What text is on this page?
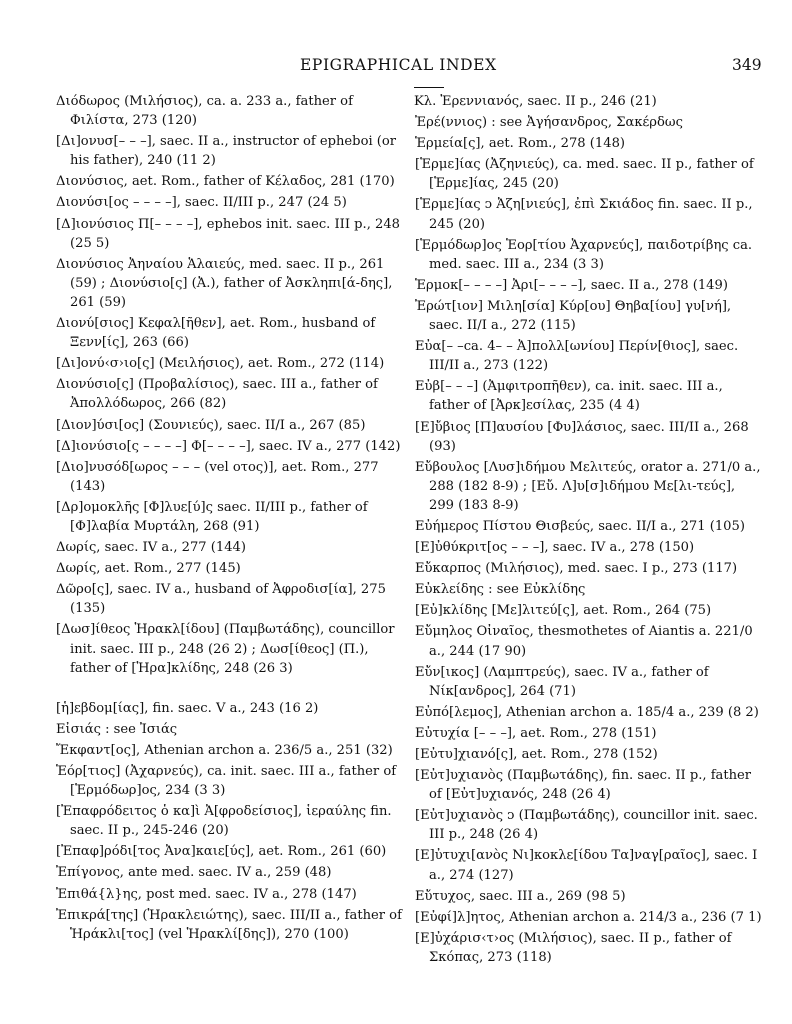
EPIGRAPHICAL INDEX	349

Διόδωρος (Μιλήσιος), ca. a. 233 a., father of Φιλίστα, 273 (120)

[Δι]ονυσ[– – –], saec. II a., instructor of epheboi (or his father), 240 (11 2)

Διονύσιος, aet. Rom., father of Κέλαδος, 281 (170)

Διονύσι[ος – – – –], saec. II/III p., 247 (24 5)

[Δ]ιονύσιος Π[– – – –], ephebos init. saec. III p., 248 (25 5)

Διονύσιος Ἀηναίου Ἁλαιεύς, med. saec. II p., 261 (59) ; Διονύσιο[ς] (Ἀ.), father of Ἀσκληπι[ά-δης], 261 (59)

Διονύ[σιος] Κεφαλ[ῆθεν], aet. Rom., husband of Ξενν[ίς], 263 (66)

[Δι]ονύ‹σ›ιο[ς] (Μειλήσιος), aet. Rom., 272 (114)

Διονύσιο[ς] (Προβαλίσιος), saec. III a., father of Ἀπολλόδωρος, 266 (82)

[Διον]ύσι[ος] (Σουνιεύς), saec. II/I a., 267 (85)

[Δ]ιονύσιο[ς – – – –] Φ[– – – –], saec. IV a., 277 (142)

[Διο]νυσόδ[ωρος – – – (vel οτος)], aet. Rom., 277 (143)

[Δρ]ομοκλῆς [Φ]λυε[ύ]ς saec. II/III p., father of [Φ]λαβία Μυρτάλη, 268 (91)

Δωρίς, saec. IV a., 277 (144)

Δωρίς, aet. Rom., 277 (145)

Δῶρο[ς], saec. IV a., husband of Ἀφροδισ[ία], 275 (135)

[Δωσ]ίθεος Ἡρακλ[ίδου] (Παμβωτάδης), councillor init. saec. III p., 248 (26 2) ; Δωσ[ίθεος] (Π.), father of [Ἡρα]κλίδης, 248 (26 3)

[ἡ]εβδομ[ίας], fin. saec. V a., 243 (16 2)

Εἰσιάς : see Ἰσιάς

Ἔκφαντ[ος], Athenian archon a. 236/5 a., 251 (32)

Ἑόρ[τιος] (Ἀχαρνεύς), ca. init. saec. III a., father of [Ἑρμόδωρ]ος, 234 (3 3)

[Ἐπαφρόδειτος ὁ κα]ὶ Ἀ[φροδείσιος], ἱεραύλης fin. saec. II p., 245-246 (20)

[Ἐπαφ]ρόδι[τος Ἀνα]καιε[ύς], aet. Rom., 261 (60)

Ἐπίγονος, ante med. saec. IV a., 259 (48)

Ἐπιθά{λ}ης, post med. saec. IV a., 278 (147)

Ἐπικρά[της] (Ἡρακλειώτης), saec. III/II a., father of Ἡράκλι[τος] (vel Ἡρακλί[δης]), 270 (100)

Κλ. Ἐρεννιανός, saec. II p., 246 (21)

Ἐρέ(ννιος) : see Ἀγήσανδρος, Σακέρδως

Ἑρμεία[ς], aet. Rom., 278 (148)

[Ἑρμε]ίας (Ἀζηνιεύς), ca. med. saec. II p., father of [Ἑρμε]ίας, 245 (20)

[Ἑρμε]ίας ᴐ Ἀζη[νιεύς], ἐπὶ Σκιάδος fin. saec. II p., 245 (20)

[Ἑρμόδωρ]ος Ἑορ[τίου Ἀχαρνεύς], παιδοτρίβης ca. med. saec. III a., 234 (3 3)

Ἑρμοκ[– – – –] Ἀρι[– – – –], saec. II a., 278 (149)

Ἐρώτ[ιον] Μιλη[σία] Κύρ[ου] Θηβα[ίου] γυ[νή], saec. II/I a., 272 (115)

Εὐα[– –ca. 4– – Ἀ]πολλ[ωνίου] Περίν[θιος], saec. III/II a., 273 (122)

Εὐβ[– – –] (Ἀμφιτροπῆθεν), ca. init. saec. III a., father of [Ἀρκ]εσίλας, 235 (4 4)

[Ε]ὔβιος [Π]αυσίου [Φυ]λάσιος, saec. III/II a., 268 (93)

Εὔβουλος [Λυσ]ιδήμου Μελιτεύς, orator a. 271/0 a., 288 (182 8-9) ; [Εὔ. Λ]υ[σ]ιδήμου Με[λι-τεύς], 299 (183 8-9)

Εὐήμερος Πίστου Θισβεύς, saec. II/I a., 271 (105)

[Ε]ὐθύκριτ[ος – – –], saec. IV a., 278 (150)

Εὔκαρπος (Μιλήσιος), med. saec. I p., 273 (117)

Εὐκλείδης : see Εὐκλίδης

[Εὐ]κλίδης [Με]λιτεύ[ς], aet. Rom., 264 (75)

Εὔμηλος Οἰναῖος, thesmothetes of Aiantis a. 221/0 a., 244 (17 90)

Εὔν[ικος] (Λαμπτρεύς), saec. IV a., father of Νίκ[ανδρος], 264 (71)

Εὐπό[λεμος], Athenian archon a. 185/4 a., 239 (8 2)

Εὐτυχία [– – –], aet. Rom., 278 (151)

[Εὐτυ]χιανό[ς], aet. Rom., 278 (152)

[Εὐτ]υχιανὸς (Παμβωτάδης), fin. saec. II p., father of [Εὐτ]υχιανός, 248 (26 4)

[Εὐτ]υχιανὸς ᴐ (Παμβωτάδης), councillor init. saec. III p., 248 (26 4)

[Ε]ὐτυχι[ανὸς Νι]κοκλε[ίδου Τα]ναγ[ραῖος], saec. I a., 274 (127)

Εὔτυχος, saec. III a., 269 (98 5)

[Εὐφί]λ]ητος, Athenian archon a. 214/3 a., 236 (7 1)

[Ε]ὐχάρισ‹τ›ος (Μιλήσιος), saec. II p., father of Σκόπας, 273 (118)
